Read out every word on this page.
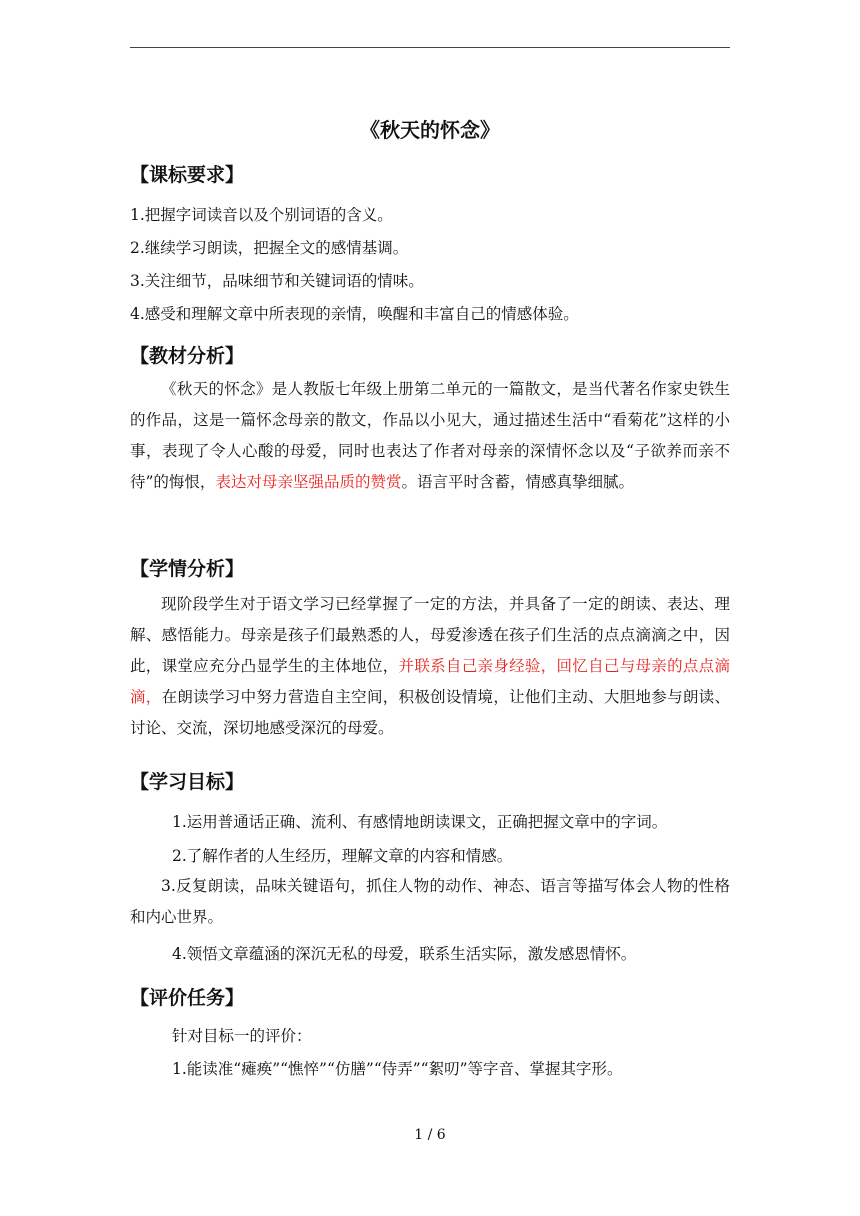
《秋天的怀念》
【课标要求】
1.把握字词读音以及个别词语的含义。
2.继续学习朗读，把握全文的感情基调。
3.关注细节，品味细节和关键词语的情味。
4.感受和理解文章中所表现的亲情，唤醒和丰富自己的情感体验。
【教材分析】
《秋天的怀念》是人教版七年级上册第二单元的一篇散文，是当代著名作家史铁生的作品，这是一篇怀念母亲的散文，作品以小见大，通过描述生活中“看菊花”这样的小事，表现了令人心酸的母爱，同时也表达了作者对母亲的深情怀念以及“子欲养而亲不待”的悔恨，表达对母亲坚强品质的赞赏。语言平时含蓄，情感真挚细腻。
【学情分析】
现阶段学生对于语文学习已经掌握了一定的方法，并具备了一定的朗读、表达、理解、感悟能力。母亲是孩子们最熟悉的人，母爱渗透在孩子们生活的点点滴滴之中，因此，课堂应充分凸显学生的主体地位，并联系自己亲身经验，回忆自己与母亲的点点滴滴，在朗读学习中努力营造自主空间，积极创设情境，让他们主动、大胆地参与朗读、讨论、交流，深切地感受深沉的母爱。
【学习目标】
1.运用普通话正确、流利、有感情地朗读课文，正确把握文章中的字词。
2.了解作者的人生经历，理解文章的内容和情感。
3.反复朗读，品味关键语句，抓住人物的动作、神态、语言等描写体会人物的性格和内心世界。
4.领悟文章蕴涵的深沉无私的母爱，联系生活实际，激发感恩情怀。
【评价任务】
针对目标一的评价：
1.能读准“瘫痪”“憔悴”“仿膳”“侍弄”“絮叨”等字音、掌握其字形。
1 / 6
